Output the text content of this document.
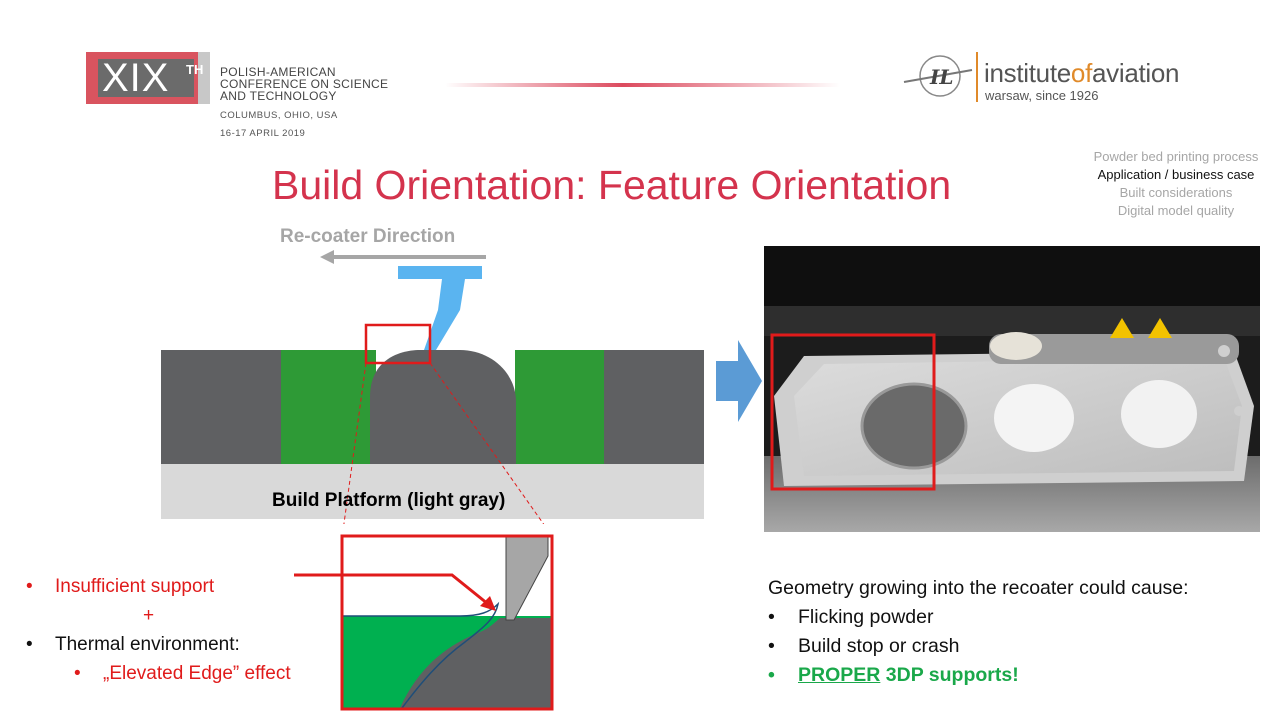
XIX	TH POLISH-AMERICAN
CONFERENCE ON SCIENCE
AND TECHNOLOGY
COLUMBUS, OHIO, USA
16-17 APRIL 2019
IL instituteofaviation
warsaw, since 1926
Build Orientation: Feature Orientation
Powder bed printing process
Application / business case
Built considerations
Digital model quality
Re-coater Direction
Build Platform (light gray)
• Insufficient support
+
• Thermal environment:
• „Elevated Edge” effect
Geometry growing into the recoater could cause:
• Flicking powder
• Build stop or crash
• PROPER 3DP supports!
